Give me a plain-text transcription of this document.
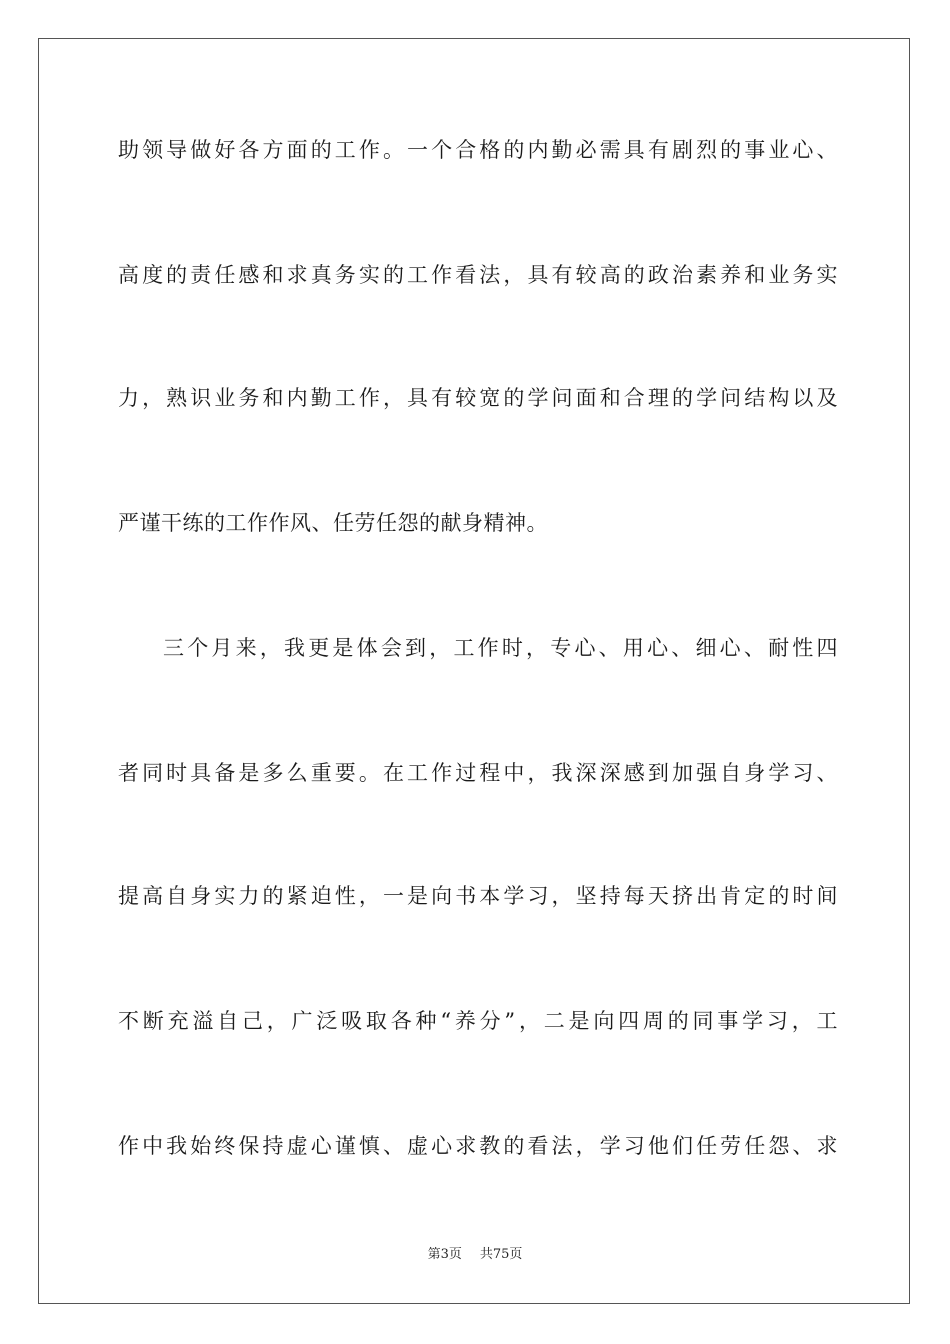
助领导做好各方面的工作。一个合格的内勤必需具有剧烈的事业心、
高度的责任感和求真务实的工作看法，具有较高的政治素养和业务实
力，熟识业务和内勤工作，具有较宽的学问面和合理的学问结构以及
严谨干练的工作作风、任劳任怨的献身精神。
三个月来，我更是体会到，工作时，专心、用心、细心、耐性四
者同时具备是多么重要。在工作过程中，我深深感到加强自身学习、
提高自身实力的紧迫性，一是向书本学习，坚持每天挤出肯定的时间
不断充溢自己，广泛吸取各种“养分”，二是向四周的同事学习，工
作中我始终保持虚心谨慎、虚心求教的看法，学习他们任劳任怨、求
第3页 共75页
